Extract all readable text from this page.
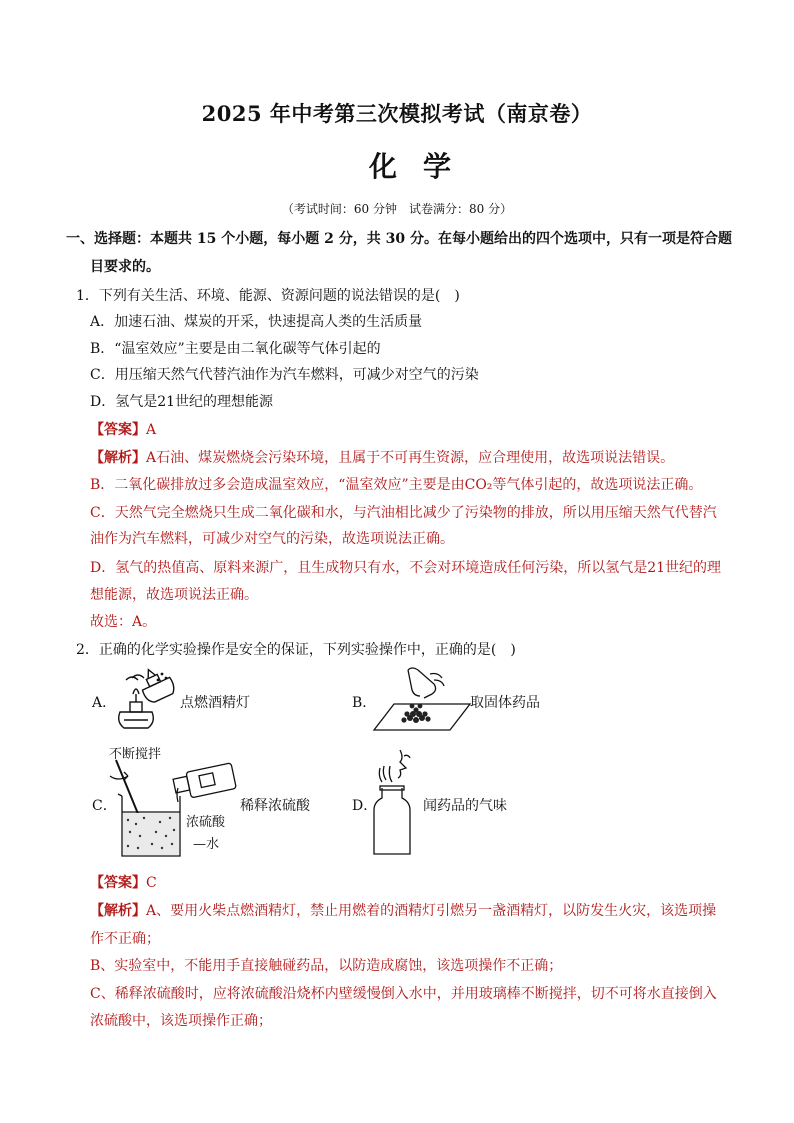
2025 年中考第三次模拟考试（南京卷）
化学
（考试时间：60 分钟　试卷满分：80 分）
一、选择题：本题共 15 个小题，每小题 2 分，共 30 分。在每小题给出的四个选项中，只有一项是符合题
目要求的。
1．下列有关生活、环境、能源、资源问题的说法错误的是(　)
A．加速石油、煤炭的开采，快速提高人类的生活质量
B．“温室效应”主要是由二氧化碳等气体引起的
C．用压缩天然气代替汽油作为汽车燃料，可减少对空气的污染
D．氢气是21世纪的理想能源
【答案】A
【解析】A石油、煤炭燃烧会污染环境，且属于不可再生资源，应合理使用，故选项说法错误。
B．二氧化碳排放过多会造成温室效应，“温室效应”主要是由CO₂等气体引起的，故选项说法正确。
C．天然气完全燃烧只生成二氧化碳和水，与汽油相比减少了污染物的排放，所以用压缩天然气代替汽
油作为汽车燃料，可减少对空气的污染，故选项说法正确。
D．氢气的热值高、原料来源广，且生成物只有水，不会对环境造成任何污染，所以氢气是21世纪的理
想能源，故选项说法正确。
故选：A。
2．正确的化学实验操作是安全的保证，下列实验操作中，正确的是(　)
A．	点燃酒精灯	B．	取固体药品
C．
不断搅拌
稀释浓硫酸
浓硫酸
—水
D．	闻药品的气味
【答案】C
【解析】A、要用火柴点燃酒精灯，禁止用燃着的酒精灯引燃另一盏酒精灯，以防发生火灾，该选项操
作不正确；
B、实验室中，不能用手直接触碰药品，以防造成腐蚀，该选项操作不正确；
C、稀释浓硫酸时，应将浓硫酸沿烧杯内壁缓慢倒入水中，并用玻璃棒不断搅拌，切不可将水直接倒入
浓硫酸中，该选项操作正确；
